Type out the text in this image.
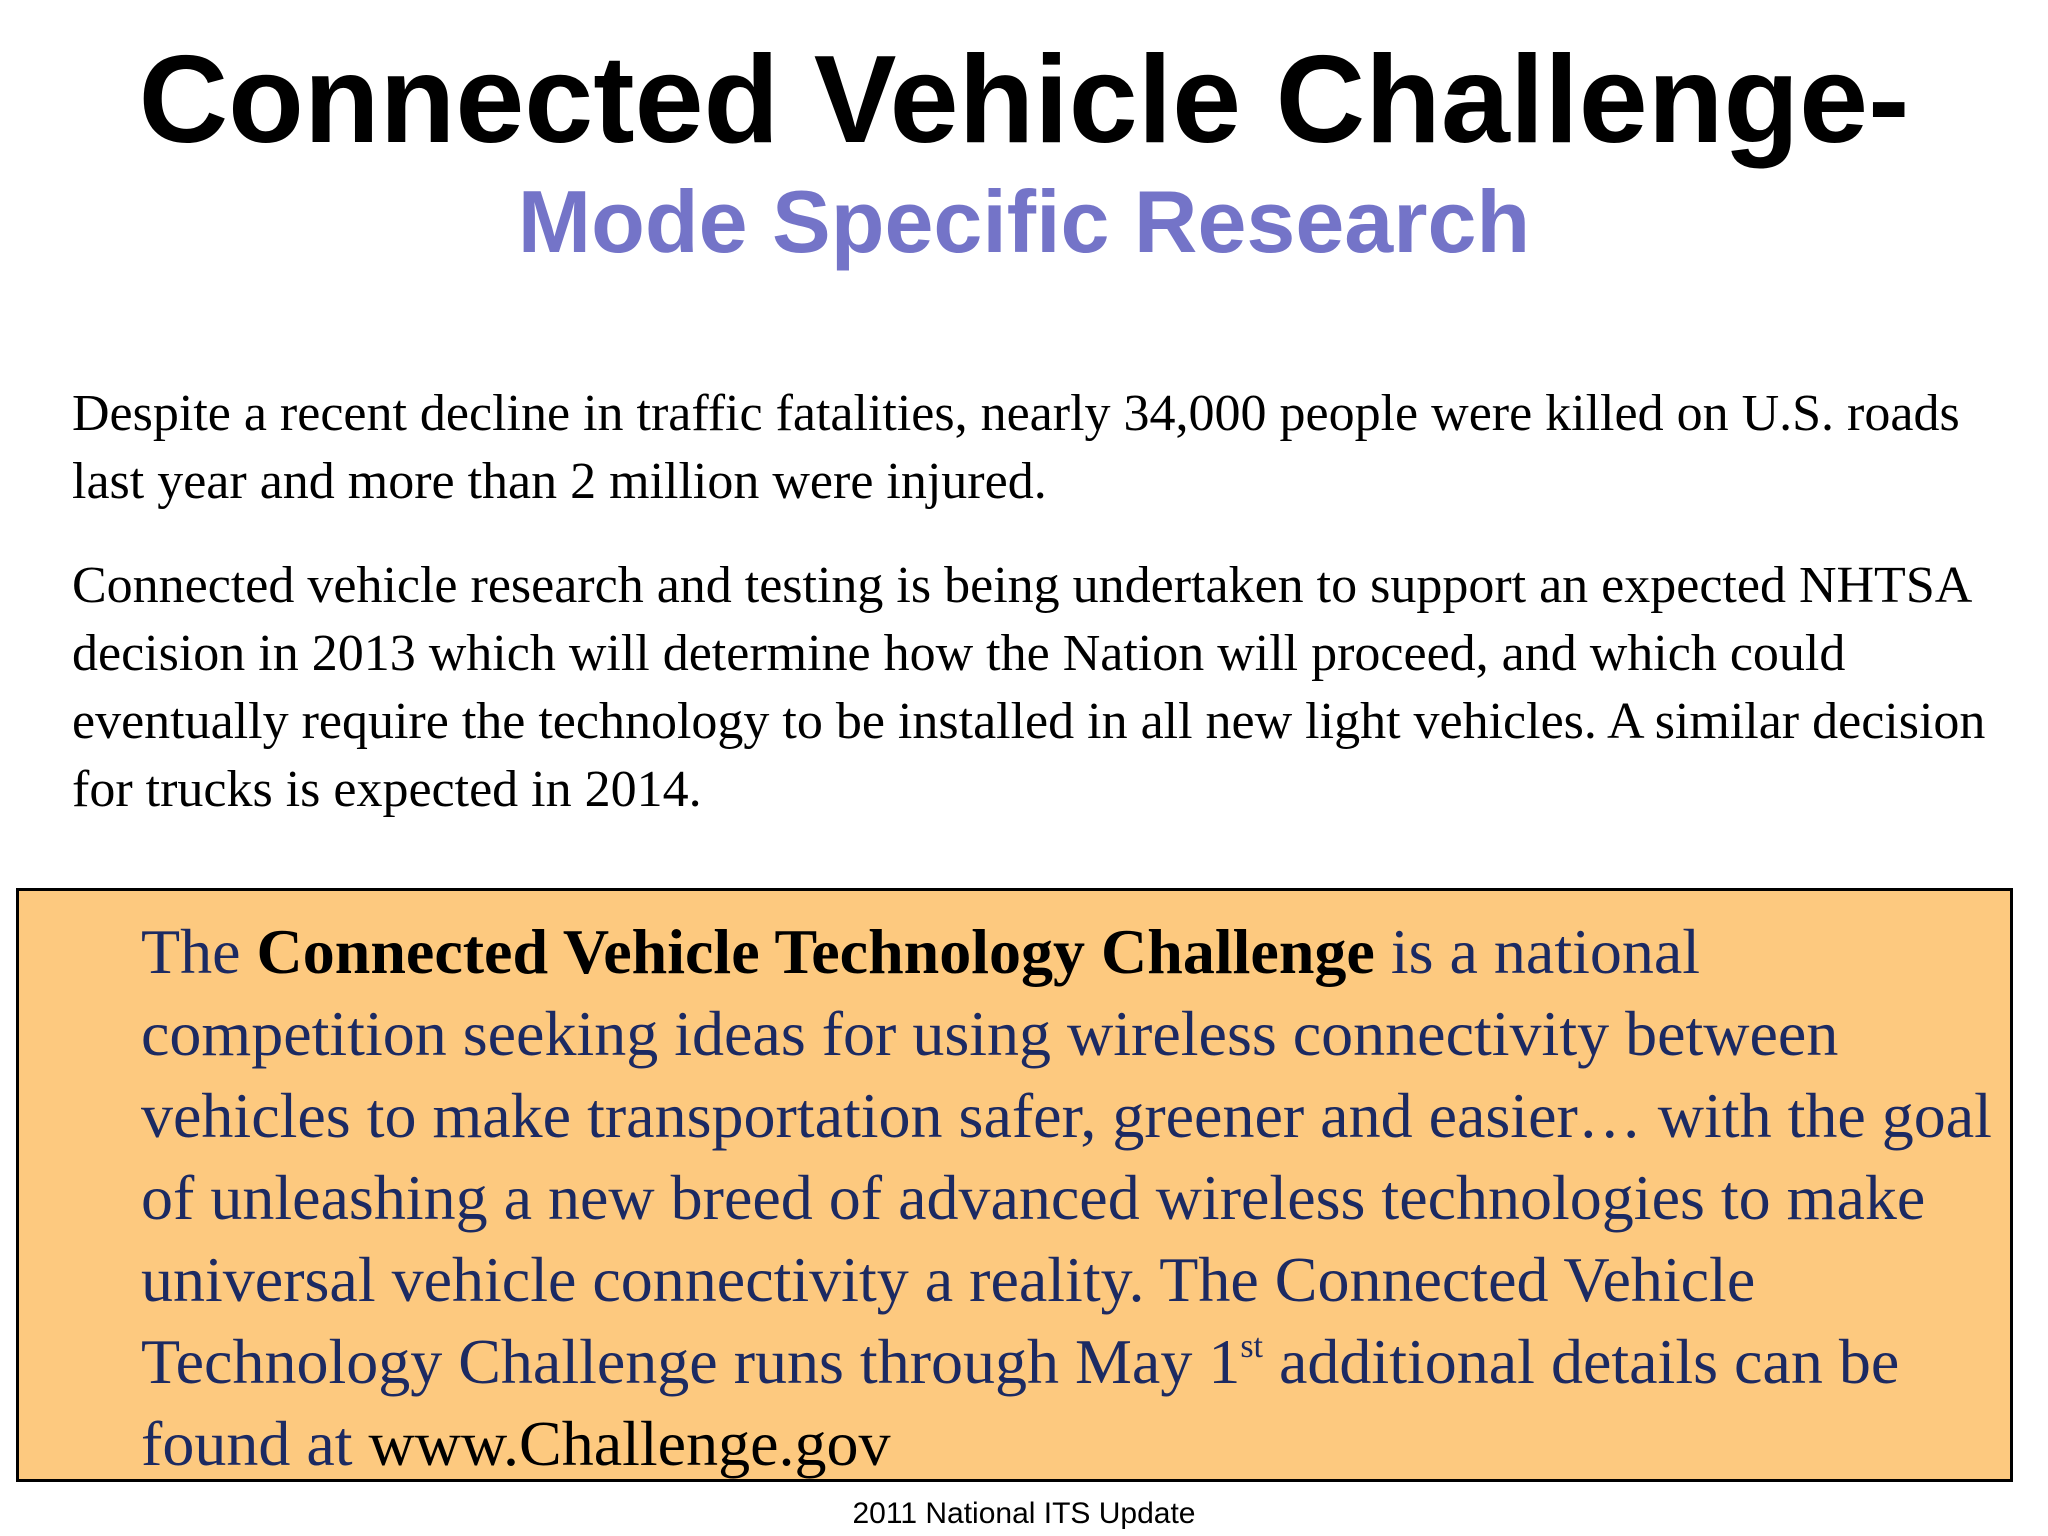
Connected Vehicle Challenge-
Mode Specific Research

Despite a recent decline in traffic fatalities, nearly 34,000 people were killed on U.S. roads last year and more than 2 million were injured.

Connected vehicle research and testing is being undertaken to support an expected NHTSA decision in 2013 which will determine how the Nation will proceed, and which could eventually require the technology to be installed in all new light vehicles. A similar decision for trucks is expected in 2014.

The Connected Vehicle Technology Challenge is a national competition seeking ideas for using wireless connectivity between vehicles to make transportation safer, greener and easier… with the goal of unleashing a new breed of advanced wireless technologies to make universal vehicle connectivity a reality. The Connected Vehicle Technology Challenge runs through May 1st additional details can be found at www.Challenge.gov

2011 National ITS Update
